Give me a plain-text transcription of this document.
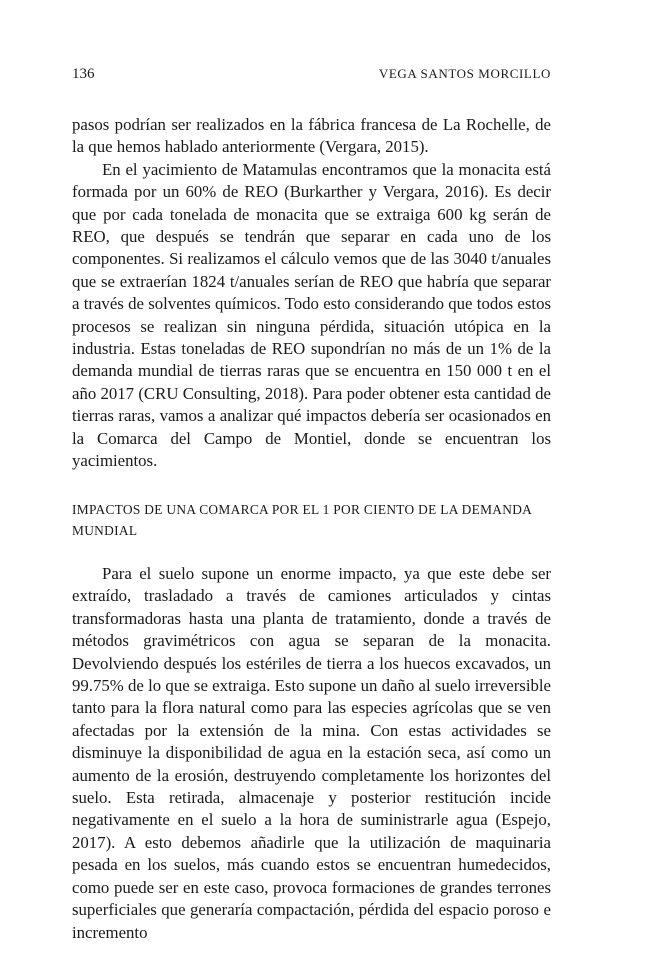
136	VEGA SANTOS MORCILLO

pasos podrían ser realizados en la fábrica francesa de La Rochelle, de la que hemos hablado anteriormente (Vergara, 2015).

En el yacimiento de Matamulas encontramos que la monacita está formada por un 60% de REO (Burkarther y Vergara, 2016). Es decir que por cada tonelada de monacita que se extraiga 600 kg serán de REO, que después se tendrán que separar en cada uno de los componentes. Si realizamos el cálculo vemos que de las 3040 t/anuales que se extraerían 1824 t/anuales serían de REO que habría que separar a través de solventes químicos. Todo esto considerando que todos estos procesos se realizan sin ninguna pérdida, situación utópica en la industria. Estas toneladas de REO supondrían no más de un 1% de la demanda mundial de tierras raras que se encuentra en 150 000 t en el año 2017 (CRU Consulting, 2018). Para poder obtener esta cantidad de tierras raras, vamos a analizar qué impactos debería ser ocasionados en la Comarca del Campo de Montiel, donde se encuentran los yacimientos.

IMPACTOS DE UNA COMARCA POR EL 1 POR CIENTO DE LA DEMANDA MUNDIAL

Para el suelo supone un enorme impacto, ya que este debe ser extraído, trasladado a través de camiones articulados y cintas transformadoras hasta una planta de tratamiento, donde a través de métodos gravimétricos con agua se separan de la monacita. Devolviendo después los estériles de tierra a los huecos excavados, un 99.75% de lo que se extraiga. Esto supone un daño al suelo irreversible tanto para la flora natural como para las especies agrícolas que se ven afectadas por la extensión de la mina. Con estas actividades se disminuye la disponibilidad de agua en la estación seca, así como un aumento de la erosión, destruyendo completamente los horizontes del suelo. Esta retirada, almacenaje y posterior restitución incide negativamente en el suelo a la hora de suministrarle agua (Espejo, 2017). A esto debemos añadirle que la utilización de maquinaria pesada en los suelos, más cuando estos se encuentran humedecidos, como puede ser en este caso, provoca formaciones de grandes terrones superficiales que generaría compactación, pérdida del espacio poroso e incremento
